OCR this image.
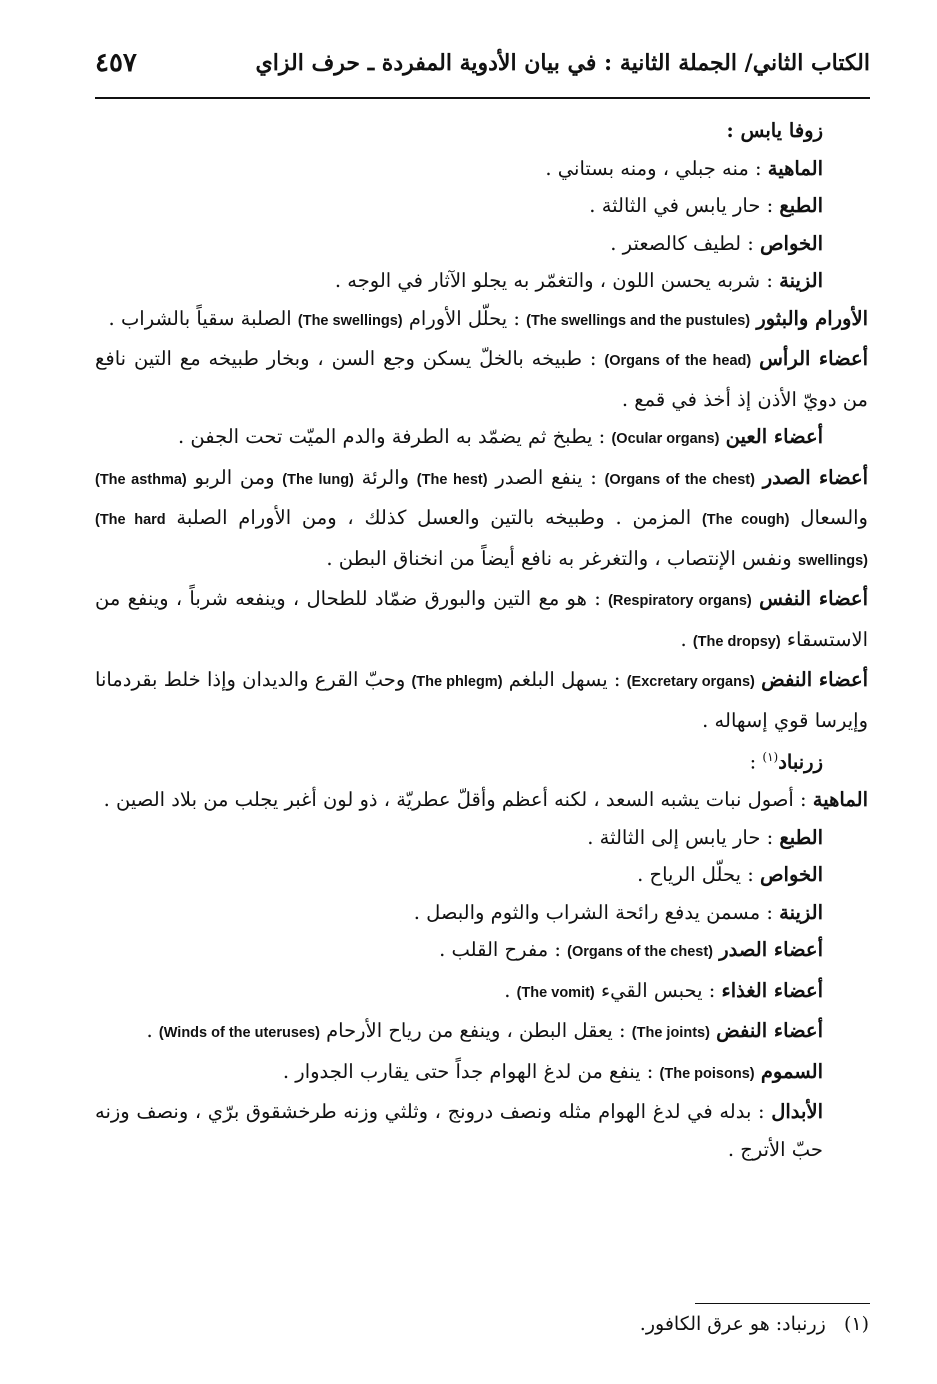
٤٥٧	الكتاب الثاني/ الجملة الثانية : في بيان الأدوية المفردة ـ حرف الزاي

زوفا يابس :

الماهية : منه جبلي ، ومنه بستاني .

الطبع : حار يابس في الثالثة .

الخواص : لطيف كالصعتر .

الزينة : شربه يحسن اللون ، والتغمّر به يجلو الآثار في الوجه .

الأورام والبثور (The swellings and the pustules) : يحلّل الأورام (The swellings) الصلبة سقياً بالشراب .

أعضاء الرأس (Organs of the head) : طبيخه بالخلّ يسكن وجع السن ، وبخار طبيخه مع التين نافع من دويّ الأذن إذ أخذ في قمع .

أعضاء العين (Ocular organs) : يطبخ ثم يضمّد به الطرفة والدم الميّت تحت الجفن .

أعضاء الصدر (Organs of the chest) : ينفع الصدر (The hest) والرئة (The lung) ومن الربو (The asthma) والسعال (The cough) المزمن . وطبيخه بالتين والعسل كذلك ، ومن الأورام الصلبة (The hard swellings) ونفس الإنتصاب ، والتغرغر به نافع أيضاً من انخناق البطن .

أعضاء النفس (Respiratory organs) : هو مع التين والبورق ضمّاد للطحال ، وينفعه شرباً ، وينفع من الاستسقاء (The dropsy) .

أعضاء النفض (Excretary organs) : يسهل البلغم (The phlegm) وحبّ القرع والديدان وإذا خلط بقردمانا وإيرسا قوي إسهاله .

زرنباد$^{(١)}$ :

الماهية : أصول نبات يشبه السعد ، لكنه أعظم وأقلّ عطريّة ، ذو لون أغبر يجلب من بلاد الصين .

الطبع : حار يابس إلى الثالثة .

الخواص : يحلّل الرياح .

الزينة : مسمن يدفع رائحة الشراب والثوم والبصل .

أعضاء الصدر (Organs of the chest) : مفرح القلب .

أعضاء الغذاء : يحبس القيء (The vomit) .

أعضاء النفض (The joints) : يعقل البطن ، وينفع من رياح الأرحام (Winds of the uteruses) .

السموم (The poisons) : ينفع من لدغ الهوام جداً حتى يقارب الجدوار .

الأبدال : بدله في لدغ الهوام مثله ونصف درونج ، وثلثي وزنه طرخشقوق برّي ، ونصف وزنه حبّ الأترج .

(١)   زرنباد: هو عرق الكافور.
